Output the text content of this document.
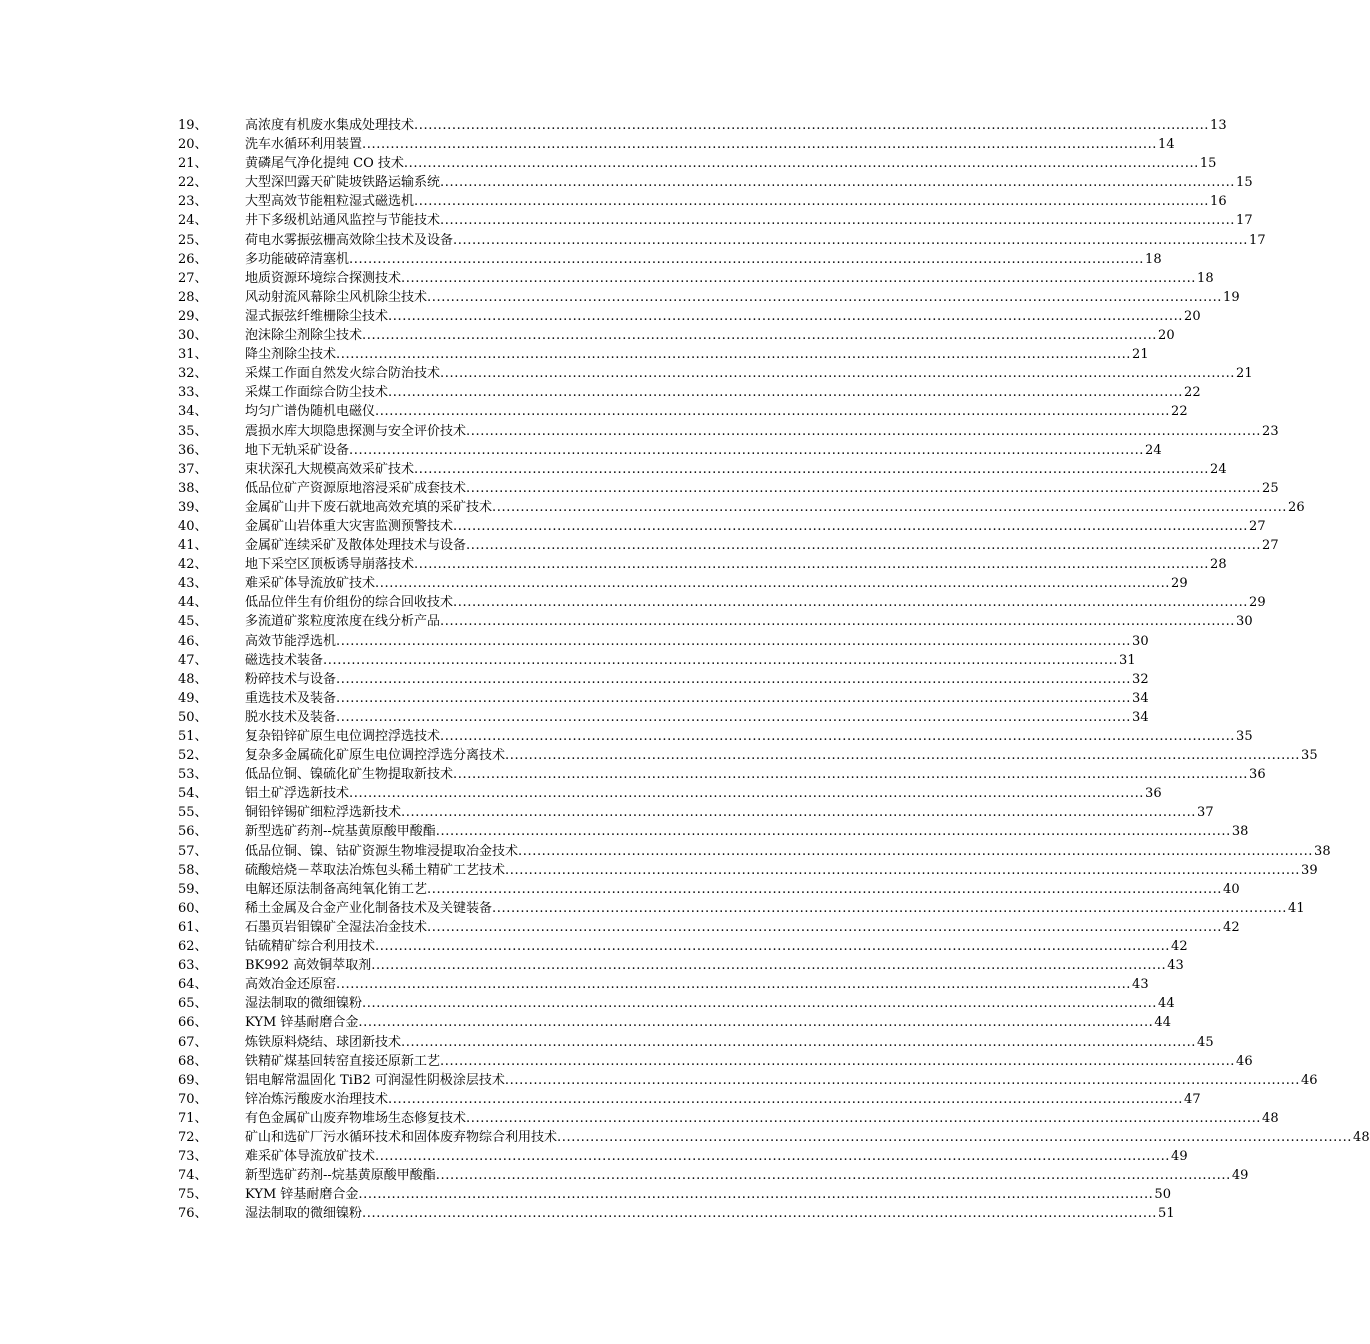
19、	高浓度有机废水集成处理技术 .....	13
20、	洗车水循环利用装置 .....	14
21、	黄磷尾气净化提纯 CO 技术 .....	15
22、	大型深凹露天矿陡坡铁路运输系统 .....	15
23、	大型高效节能粗粒湿式磁选机 .....	16
24、	井下多级机站通风监控与节能技术 .....	17
25、	荷电水雾振弦栅高效除尘技术及设备 .....	17
26、	多功能破碎清塞机 .....	18
27、	地质资源环境综合探测技术 .....	18
28、	风动射流风幕除尘风机除尘技术 .....	19
29、	湿式振弦纤维栅除尘技术 .....	20
30、	泡沫除尘剂除尘技术 .....	20
31、	降尘剂除尘技术 .....	21
32、	采煤工作面自然发火综合防治技术 .....	21
33、	采煤工作面综合防尘技术 .....	22
34、	均匀广谱伪随机电磁仪 .....	22
35、	震损水库大坝隐患探测与安全评价技术 .....	23
36、	地下无轨采矿设备 .....	24
37、	束状深孔大规模高效采矿技术 .....	24
38、	低品位矿产资源原地溶浸采矿成套技术 .....	25
39、	金属矿山井下废石就地高效充填的采矿技术 .....	26
40、	金属矿山岩体重大灾害监测预警技术 .....	27
41、	金属矿连续采矿及散体处理技术与设备 .....	27
42、	地下采空区顶板诱导崩落技术 .....	28
43、	难采矿体导流放矿技术 .....	29
44、	低品位伴生有价组份的综合回收技术 .....	29
45、	多流道矿浆粒度浓度在线分析产品 .....	30
46、	高效节能浮选机 .....	30
47、	磁选技术装备 .....	31
48、	粉碎技术与设备 .....	32
49、	重选技术及装备 .....	34
50、	脱水技术及装备 .....	34
51、	复杂铅锌矿原生电位调控浮选技术 .....	35
52、	复杂多金属硫化矿原生电位调控浮选分离技术 .....	35
53、	低品位铜、镍硫化矿生物提取新技术 .....	36
54、	铝土矿浮选新技术 .....	36
55、	铜铅锌锡矿细粒浮选新技术 .....	37
56、	新型选矿药剂--烷基黄原酸甲酸酯 .....	38
57、	低品位铜、镍、钴矿资源生物堆浸提取冶金技术 .....	38
58、	硫酸焙烧－萃取法冶炼包头稀土精矿工艺技术 .....	39
59、	电解还原法制备高纯氧化铕工艺 .....	40
60、	稀土金属及合金产业化制备技术及关键装备 .....	41
61、	石墨页岩钼镍矿全湿法冶金技术 .....	42
62、	钴硫精矿综合利用技术 .....	42
63、	BK992 高效铜萃取剂 .....	43
64、	高效冶金还原窑 .....	43
65、	湿法制取的微细镍粉 .....	44
66、	KYM 锌基耐磨合金 .....	44
67、	炼铁原料烧结、球团新技术 .....	45
68、	铁精矿煤基回转窑直接还原新工艺 .....	46
69、	铝电解常温固化 TiB2 可润湿性阴极涂层技术 .....	46
70、	锌冶炼污酸废水治理技术 .....	47
71、	有色金属矿山废弃物堆场生态修复技术 .....	48
72、	矿山和选矿厂污水循环技术和固体废弃物综合利用技术 .....	48
73、	难采矿体导流放矿技术 .....	49
74、	新型选矿药剂--烷基黄原酸甲酸酯 .....	49
75、	KYM 锌基耐磨合金 .....	50
76、	湿法制取的微细镍粉 .....	51
